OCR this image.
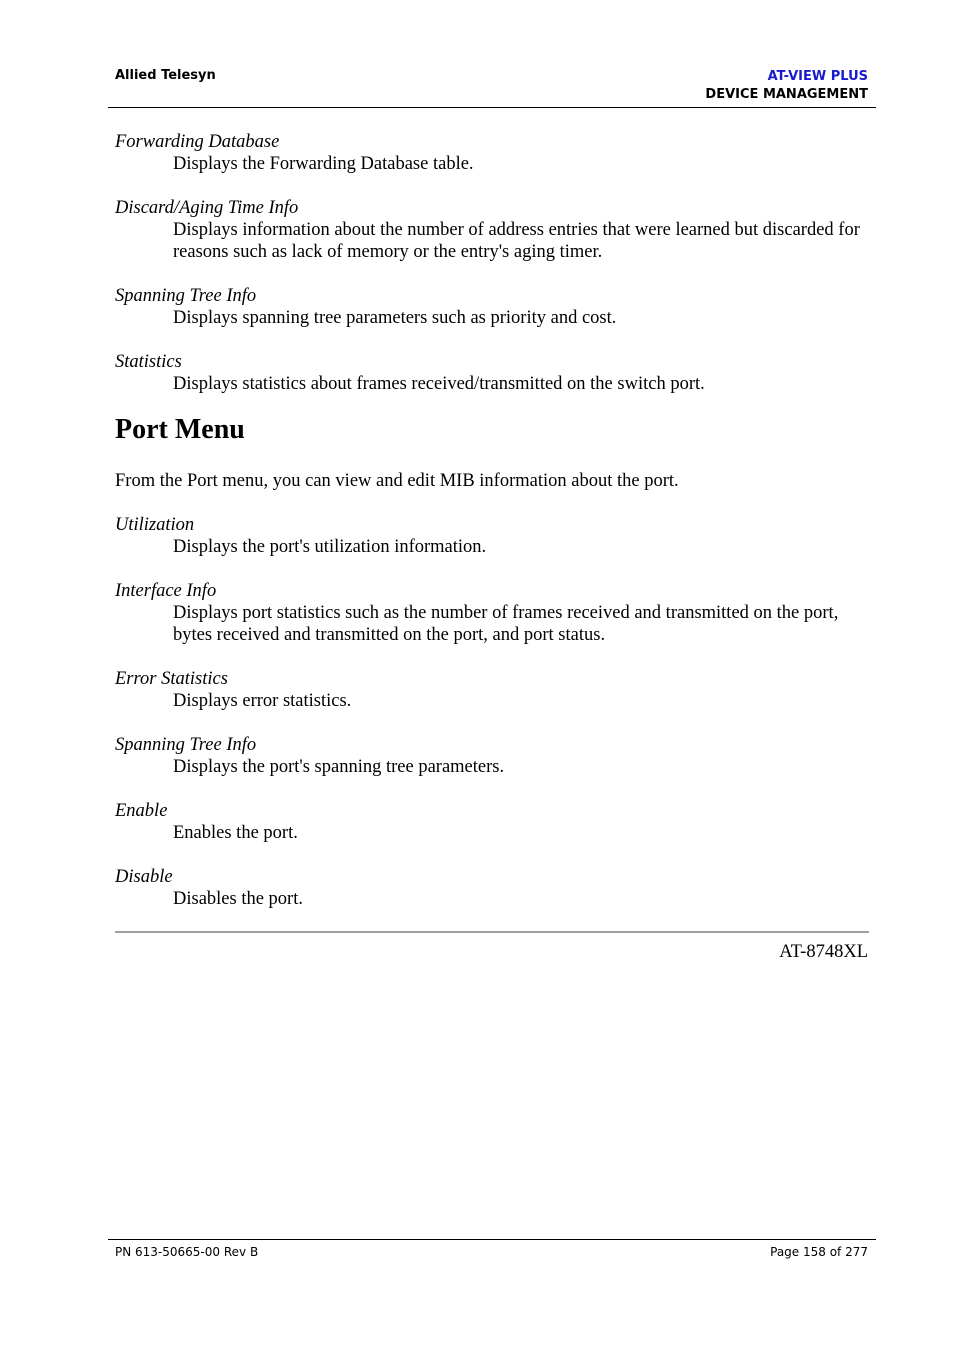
Allied Telesyn	AT-VIEW PLUS
DEVICE MANAGEMENT

Forwarding Database

Displays the Forwarding Database table.

Discard/Aging Time Info

Displays information about the number of address entries that were learned but discarded for reasons such as lack of memory or the entry's aging timer.

Spanning Tree Info

Displays spanning tree parameters such as priority and cost.

Statistics

Displays statistics about frames received/transmitted on the switch port.

Port Menu

From the Port menu, you can view and edit MIB information about the port.

Utilization

Displays the port's utilization information.

Interface Info

Displays port statistics such as the number of frames received and transmitted on the port, bytes received and transmitted on the port, and port status.

Error Statistics

Displays error statistics.

Spanning Tree Info

Displays the port's spanning tree parameters.

Enable

Enables the port.

Disable

Disables the port.

AT-8748XL
PN 613-50665-00 Rev B	Page 158 of 277
